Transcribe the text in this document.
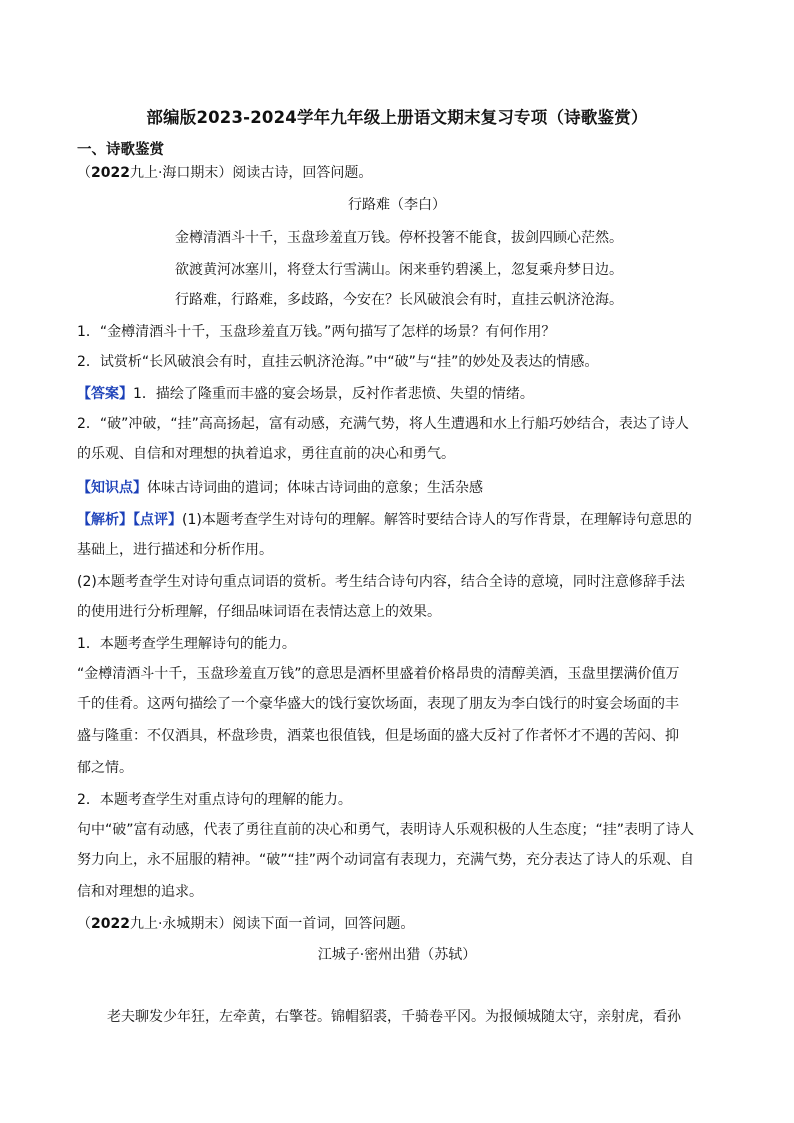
部编版2023-2024学年九年级上册语文期末复习专项（诗歌鉴赏）
一、诗歌鉴赏
（2022九上·海口期末）阅读古诗，回答问题。
行路难（李白）
金樽清酒斗十千，玉盘珍羞直万钱。停杯投箸不能食，拔剑四顾心茫然。
欲渡黄河冰塞川，将登太行雪满山。闲来垂钓碧溪上，忽复乘舟梦日边。
行路难，行路难，多歧路，今安在？长风破浪会有时，直挂云帆济沧海。
1．“金樽清酒斗十千，玉盘珍羞直万钱。”两句描写了怎样的场景？有何作用？
2．试赏析“长风破浪会有时，直挂云帆济沧海。”中“破”与“挂”的妙处及表达的情感。
【答案】1．描绘了隆重而丰盛的宴会场景，反衬作者悲愤、失望的情绪。
2．“破”冲破，“挂”高高扬起，富有动感，充满气势，将人生遭遇和水上行船巧妙结合，表达了诗人
的乐观、自信和对理想的执着追求，勇往直前的决心和勇气。
【知识点】体味古诗词曲的遣词；体味古诗词曲的意象；生活杂感
【解析】【点评】(1)本题考查学生对诗句的理解。解答时要结合诗人的写作背景，在理解诗句意思的
基础上，进行描述和分析作用。
(2)本题考查学生对诗句重点词语的赏析。考生结合诗句内容，结合全诗的意境，同时注意修辞手法
的使用进行分析理解，仔细品味词语在表情达意上的效果。
1．本题考查学生理解诗句的能力。
“金樽清酒斗十千，玉盘珍羞直万钱”的意思是酒杯里盛着价格昂贵的清醇美酒，玉盘里摆满价值万
千的佳肴。这两句描绘了一个豪华盛大的饯行宴饮场面，表现了朋友为李白饯行的时宴会场面的丰
盛与隆重：不仅酒具，杯盘珍贵，酒菜也很值钱，但是场面的盛大反衬了作者怀才不遇的苦闷、抑
郁之情。
2．本题考查学生对重点诗句的理解的能力。
句中“破”富有动感，代表了勇往直前的决心和勇气，表明诗人乐观积极的人生态度；“挂”表明了诗人
努力向上，永不屈服的精神。“破”“挂”两个动词富有表现力，充满气势，充分表达了诗人的乐观、自
信和对理想的追求。
（2022九上·永城期末）阅读下面一首词，回答问题。
江城子·密州出猎（苏轼）
老夫聊发少年狂，左牵黄，右擎苍。锦帽貂裘，千骑卷平冈。为报倾城随太守，亲射虎，看孙
